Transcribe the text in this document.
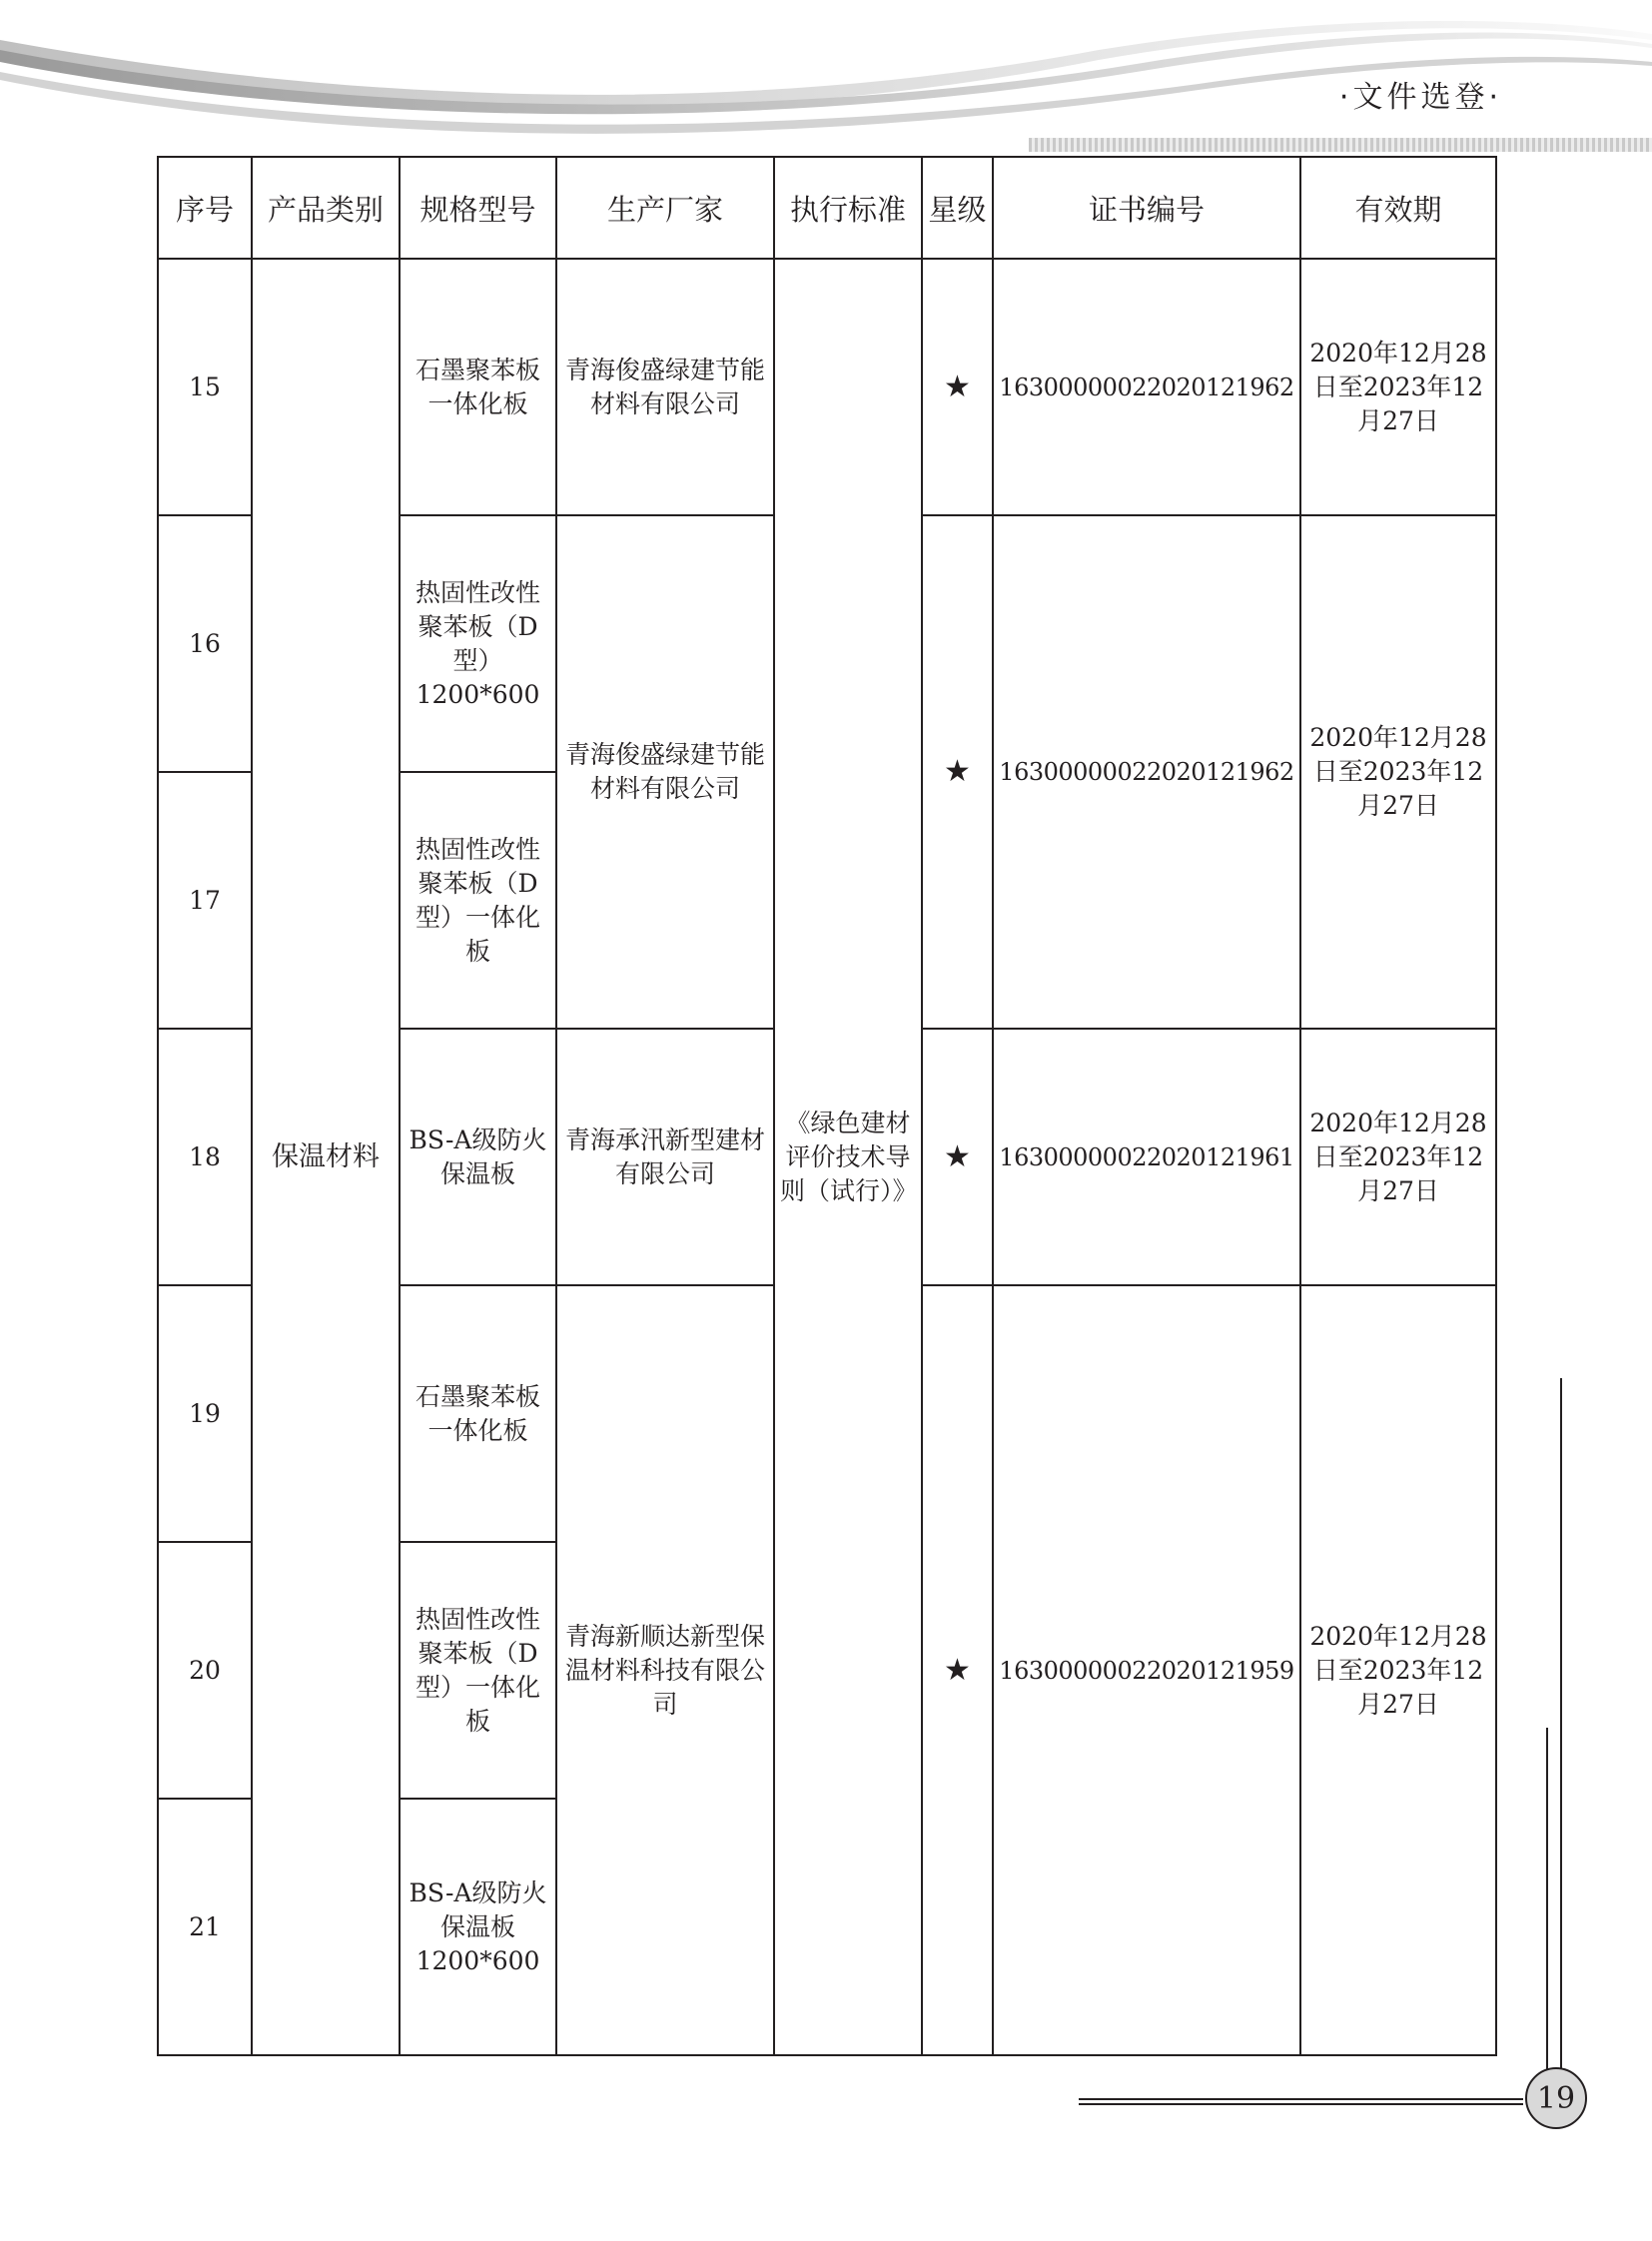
·文件选登·
序号	产品类别	规格型号	生产厂家	执行标准	星级	证书编号	有效期
15	保温材料	石墨聚苯板一体化板	青海俊盛绿建节能材料有限公司	《绿色建材评价技术导则（试行）》	★	16300000022020121962	2020年12月28日至2023年12月27日
16		热固性改性聚苯板（D型）1200*600	青海俊盛绿建节能材料有限公司		★	16300000022020121962	2020年12月28日至2023年12月27日
17		热固性改性聚苯板（D型）一体化板					
18		BS-A级防火保温板	青海承汛新型建材有限公司		★	16300000022020121961	2020年12月28日至2023年12月27日
19		石墨聚苯板一体化板	青海新顺达新型保温材料科技有限公司		★	16300000022020121959	2020年12月28日至2023年12月27日
20		热固性改性聚苯板（D型）一体化板					
21		BS-A级防火保温板1200*600					
19
